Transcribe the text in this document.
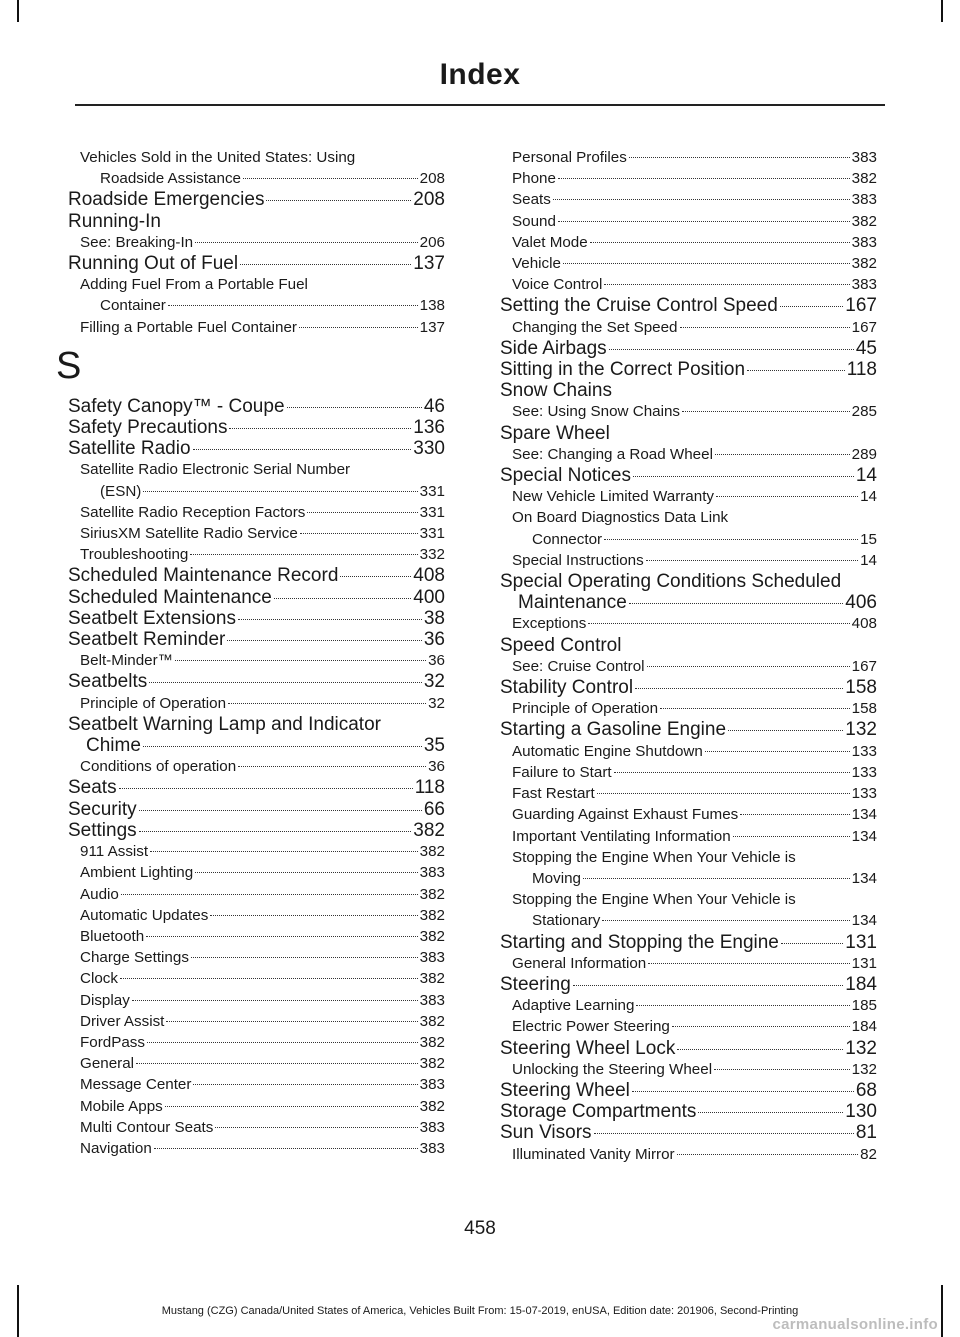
Index
Vehicles Sold in the United States: Using
Roadside Assistance	208
Roadside Emergencies	208
Running-In
See: Breaking-In	206
Running Out of Fuel	137
Adding Fuel From a Portable Fuel
Container	138
Filling a Portable Fuel Container	137
S
Safety Canopy™ - Coupe	46
Safety Precautions	136
Satellite Radio	330
Satellite Radio Electronic Serial Number
(ESN)	331
Satellite Radio Reception Factors	331
SiriusXM Satellite Radio Service	331
Troubleshooting	332
Scheduled Maintenance Record	408
Scheduled Maintenance	400
Seatbelt Extensions	38
Seatbelt Reminder	36
Belt-Minder™	36
Seatbelts	32
Principle of Operation	32
Seatbelt Warning Lamp and Indicator
Chime	35
Conditions of operation	36
Seats	118
Security	66
Settings	382
911 Assist	382
Ambient Lighting	383
Audio	382
Automatic Updates	382
Bluetooth	382
Charge Settings	383
Clock	382
Display	383
Driver Assist	382
FordPass	382
General	382
Message Center	383
Mobile Apps	382
Multi Contour Seats	383
Navigation	383
Personal Profiles	383
Phone	382
Seats	383
Sound	382
Valet Mode	383
Vehicle	382
Voice Control	383
Setting the Cruise Control Speed	167
Changing the Set Speed	167
Side Airbags	45
Sitting in the Correct Position	118
Snow Chains
See: Using Snow Chains	285
Spare Wheel
See: Changing a Road Wheel	289
Special Notices	14
New Vehicle Limited Warranty	14
On Board Diagnostics Data Link
Connector	15
Special Instructions	14
Special Operating Conditions Scheduled
Maintenance	406
Exceptions	408
Speed Control
See: Cruise Control	167
Stability Control	158
Principle of Operation	158
Starting a Gasoline Engine	132
Automatic Engine Shutdown	133
Failure to Start	133
Fast Restart	133
Guarding Against Exhaust Fumes	134
Important Ventilating Information	134
Stopping the Engine When Your Vehicle is
Moving	134
Stopping the Engine When Your Vehicle is
Stationary	134
Starting and Stopping the Engine	131
General Information	131
Steering	184
Adaptive Learning	185
Electric Power Steering	184
Steering Wheel Lock	132
Unlocking the Steering Wheel	132
Steering Wheel	68
Storage Compartments	130
Sun Visors	81
Illuminated Vanity Mirror	82
458
Mustang (CZG) Canada/United States of America, Vehicles Built From: 15-07-2019, enUSA, Edition date: 201906, Second-Printing
carmanualsonline.info
